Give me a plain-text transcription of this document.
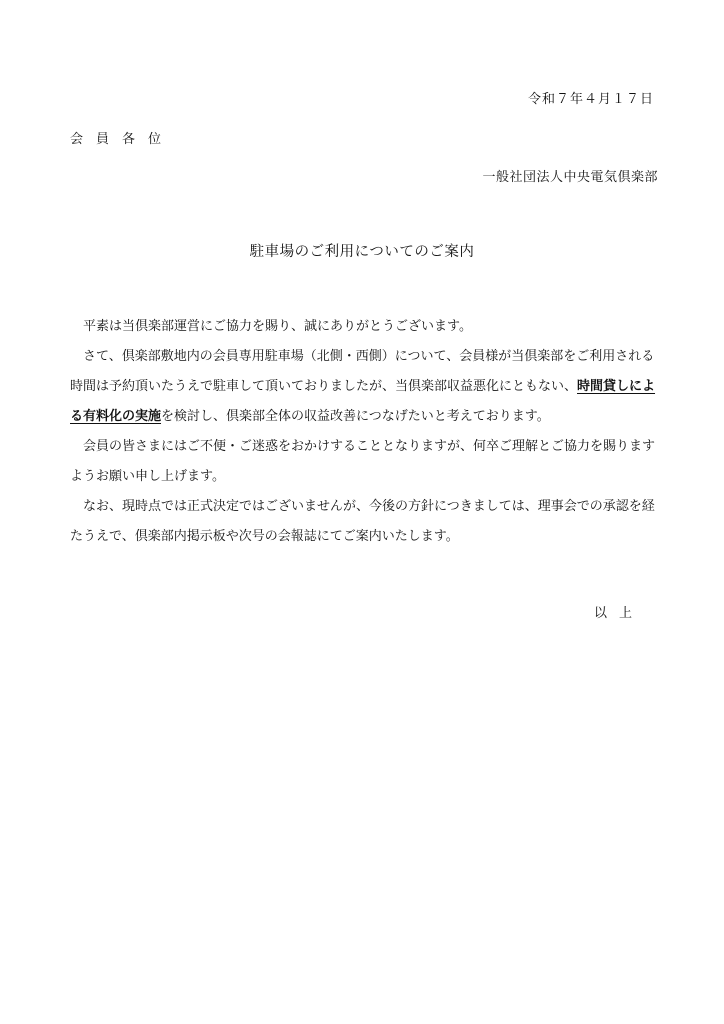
令和７年４月１７日
会員各位
一般社団法人中央電気倶楽部
駐車場のご利用についてのご案内

平素は当倶楽部運営にご協力を賜り、誠にありがとうございます。

さて、倶楽部敷地内の会員専用駐車場（北側・西側）について、会員様が当倶楽部をご利用される時間は予約頂いたうえで駐車して頂いておりましたが、当倶楽部収益悪化にともない、時間貸しによる有料化の実施を検討し、倶楽部全体の収益改善につなげたいと考えております。

会員の皆さまにはご不便・ご迷惑をおかけすることとなりますが、何卒ご理解とご協力を賜りますようお願い申し上げます。

なお、現時点では正式決定ではございませんが、今後の方針につきましては、理事会での承認を経たうえで、倶楽部内掲示板や次号の会報誌にてご案内いたします。

以上
